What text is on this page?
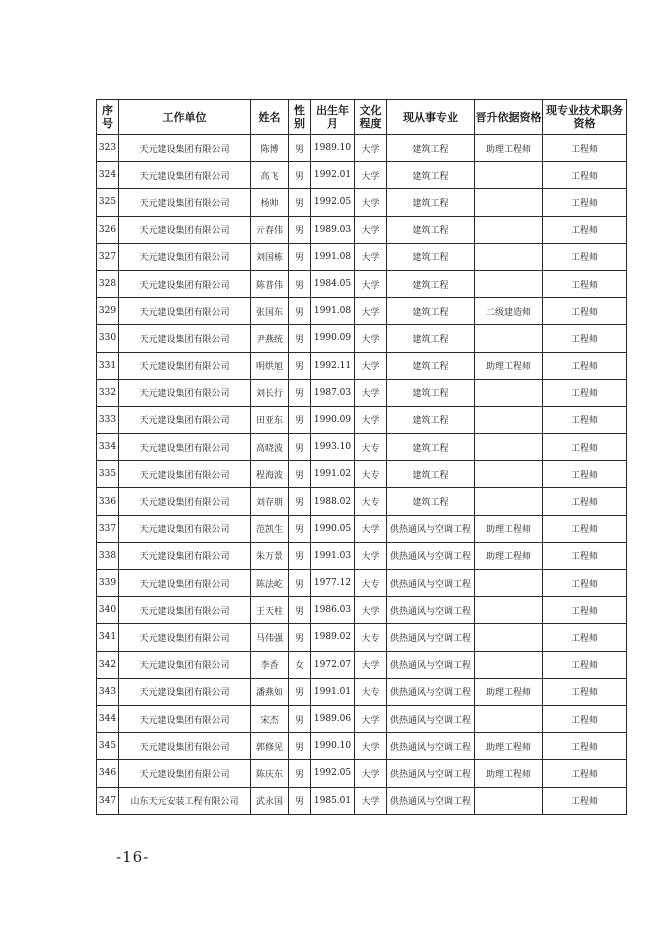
序号	工作单位	姓名	性别	出生年月	文化程度	现从事专业	晋升依据资格	现专业技术职务资格
323	天元建设集团有限公司	陈博	男	1989.10	大学	建筑工程	助理工程师	工程师
324	天元建设集团有限公司	高飞	男	1992.01	大学	建筑工程		工程师
325	天元建设集团有限公司	杨帅	男	1992.05	大学	建筑工程		工程师
326	天元建设集团有限公司	亓春伟	男	1989.03	大学	建筑工程		工程师
327	天元建设集团有限公司	刘国栋	男	1991.08	大学	建筑工程		工程师
328	天元建设集团有限公司	陈普伟	男	1984.05	大学	建筑工程		工程师
329	天元建设集团有限公司	张国东	男	1991.08	大学	建筑工程	二级建造师	工程师
330	天元建设集团有限公司	尹燕统	男	1990.09	大学	建筑工程		工程师
331	天元建设集团有限公司	明烘旭	男	1992.11	大学	建筑工程	助理工程师	工程师
332	天元建设集团有限公司	刘长行	男	1987.03	大学	建筑工程		工程师
333	天元建设集团有限公司	田亚东	男	1990.09	大学	建筑工程		工程师
334	天元建设集团有限公司	高晓波	男	1993.10	大专	建筑工程		工程师
335	天元建设集团有限公司	程海波	男	1991.02	大专	建筑工程		工程师
336	天元建设集团有限公司	刘存朋	男	1988.02	大专	建筑工程		工程师
337	天元建设集团有限公司	范凯生	男	1990.05	大学	供热通风与空调工程	助理工程师	工程师
338	天元建设集团有限公司	朱万景	男	1991.03	大学	供热通风与空调工程	助理工程师	工程师
339	天元建设集团有限公司	陈法屹	男	1977.12	大专	供热通风与空调工程		工程师
340	天元建设集团有限公司	王天柱	男	1986.03	大学	供热通风与空调工程		工程师
341	天元建设集团有限公司	马伟强	男	1989.02	大专	供热通风与空调工程		工程师
342	天元建设集团有限公司	李香	女	1972.07	大学	供热通风与空调工程		工程师
343	天元建设集团有限公司	潘燕如	男	1991.01	大专	供热通风与空调工程	助理工程师	工程师
344	天元建设集团有限公司	宋杰	男	1989.06	大学	供热通风与空调工程		工程师
345	天元建设集团有限公司	郭修见	男	1990.10	大学	供热通风与空调工程	助理工程师	工程师
346	天元建设集团有限公司	陈庆东	男	1992.05	大学	供热通风与空调工程	助理工程师	工程师
347	山东天元安装工程有限公司	武永国	男	1985.01	大学	供热通风与空调工程		工程师
-16-
